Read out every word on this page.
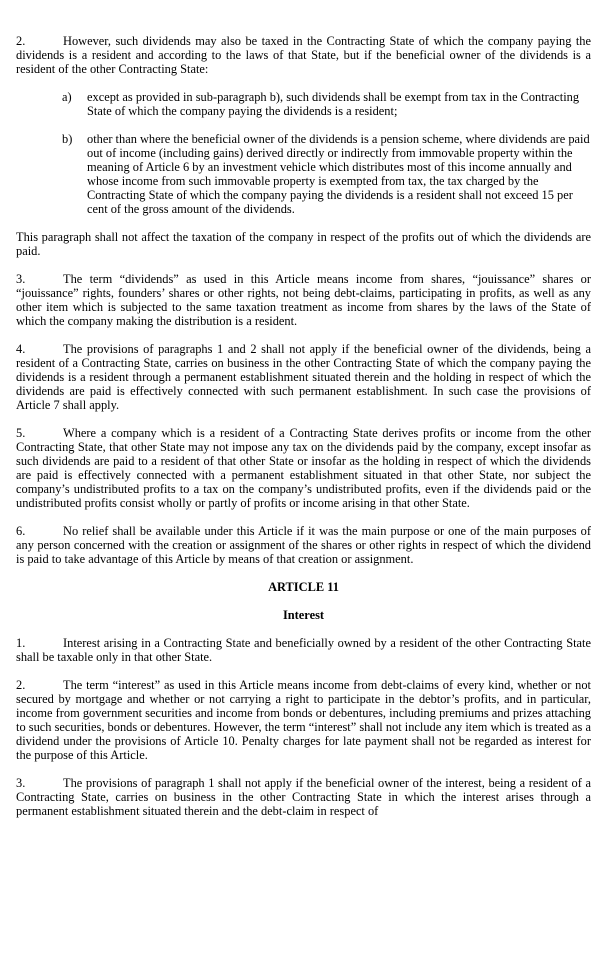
2.	However, such dividends may also be taxed in the Contracting State of which the company paying the dividends is a resident and according to the laws of that State, but if the beneficial owner of the dividends is a resident of the other Contracting State:

a)	except as provided in sub-paragraph b), such dividends shall be exempt from tax in the Contracting State of which the company paying the dividends is a resident;
b)	other than where the beneficial owner of the dividends is a pension scheme, where dividends are paid out of income (including gains) derived directly or indirectly from immovable property within the meaning of Article 6 by an investment vehicle which distributes most of this income annually and whose income from such immovable property is exempted from tax, the tax charged by the Contracting State of which the company paying the dividends is a resident shall not exceed 15 per cent of the gross amount of the dividends.

This paragraph shall not affect the taxation of the company in respect of the profits out of which the dividends are paid.

3.	The term “dividends” as used in this Article means income from shares, “jouissance” shares or “jouissance” rights, founders’ shares or other rights, not being debt-claims, participating in profits, as well as any other item which is subjected to the same taxation treatment as income from shares by the laws of the State of which the company making the distribution is a resident.

4.	The provisions of paragraphs 1 and 2 shall not apply if the beneficial owner of the dividends, being a resident of a Contracting State, carries on business in the other Contracting State of which the company paying the dividends is a resident through a permanent establishment situated therein and the holding in respect of which the dividends are paid is effectively connected with such permanent establishment. In such case the provisions of Article 7 shall apply.

5.	Where a company which is a resident of a Contracting State derives profits or income from the other Contracting State, that other State may not impose any tax on the dividends paid by the company, except insofar as such dividends are paid to a resident of that other State or insofar as the holding in respect of which the dividends are paid is effectively connected with a permanent establishment situated in that other State, nor subject the company’s undistributed profits to a tax on the company’s undistributed profits, even if the dividends paid or the undistributed profits consist wholly or partly of profits or income arising in that other State.

6.	No relief shall be available under this Article if it was the main purpose or one of the main purposes of any person concerned with the creation or assignment of the shares or other rights in respect of which the dividend is paid to take advantage of this Article by means of that creation or assignment.

ARTICLE 11

Interest

1.	Interest arising in a Contracting State and beneficially owned by a resident of the other Contracting State shall be taxable only in that other State.

2.	The term “interest” as used in this Article means income from debt-claims of every kind, whether or not secured by mortgage and whether or not carrying a right to participate in the debtor’s profits, and in particular, income from government securities and income from bonds or debentures, including premiums and prizes attaching to such securities, bonds or debentures. However, the term “interest” shall not include any item which is treated as a dividend under the provisions of Article 10. Penalty charges for late payment shall not be regarded as interest for the purpose of this Article.

3.	The provisions of paragraph 1 shall not apply if the beneficial owner of the interest, being a resident of a Contracting State, carries on business in the other Contracting State in which the interest arises through a permanent establishment situated therein and the debt-claim in respect of
